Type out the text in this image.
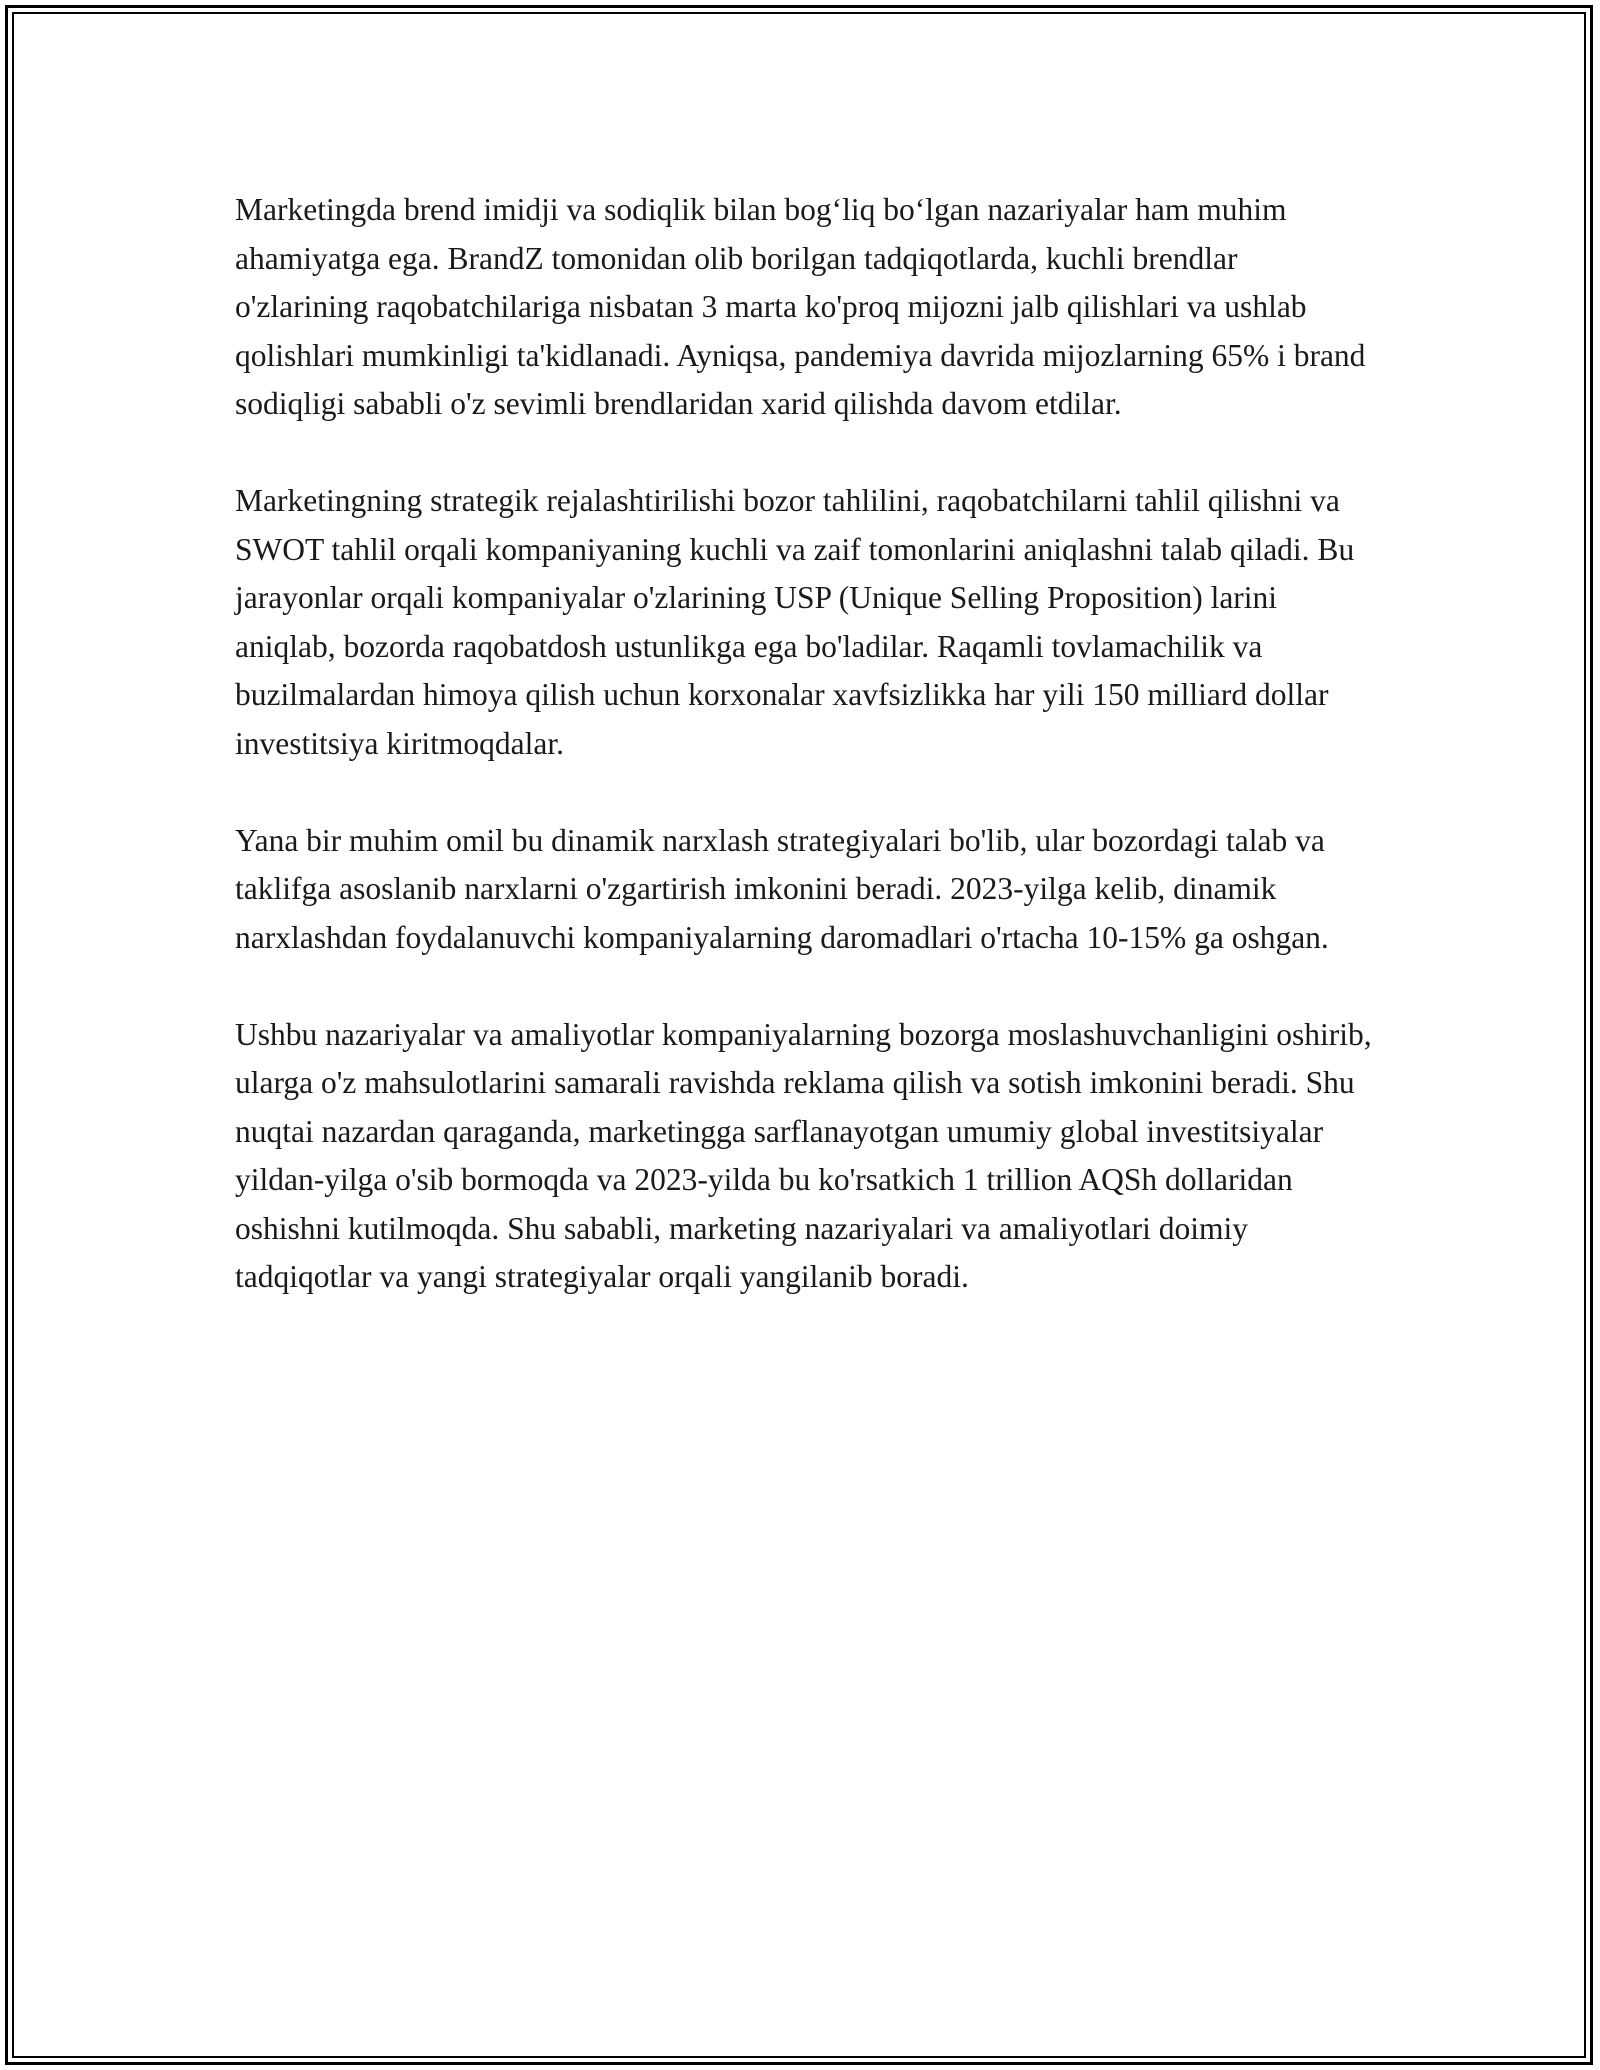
Marketingda brend imidji va sodiqlik bilan bog‘liq bo‘lgan nazariyalar ham muhim ahamiyatga ega. BrandZ tomonidan olib borilgan tadqiqotlarda, kuchli brendlar o'zlarining raqobatchilariga nisbatan 3 marta ko'proq mijozni jalb qilishlari va ushlab qolishlari mumkinligi ta'kidlanadi. Ayniqsa, pandemiya davrida mijozlarning 65% i brand sodiqligi sababli o'z sevimli brendlaridan xarid qilishda davom etdilar.

Marketingning strategik rejalashtirilishi bozor tahlilini, raqobatchilarni tahlil qilishni va SWOT tahlil orqali kompaniyaning kuchli va zaif tomonlarini aniqlashni talab qiladi. Bu jarayonlar orqali kompaniyalar o'zlarining USP (Unique Selling Proposition) larini aniqlab, bozorda raqobatdosh ustunlikga ega bo'ladilar. Raqamli tovlamachilik va buzilmalardan himoya qilish uchun korxonalar xavfsizlikka har yili 150 milliard dollar investitsiya kiritmoqdalar.

Yana bir muhim omil bu dinamik narxlash strategiyalari bo'lib, ular bozordagi talab va taklifga asoslanib narxlarni o'zgartirish imkonini beradi. 2023-yilga kelib, dinamik narxlashdan foydalanuvchi kompaniyalarning daromadlari o'rtacha 10-15% ga oshgan.

Ushbu nazariyalar va amaliyotlar kompaniyalarning bozorga moslashuvchanligini oshirib, ularga o'z mahsulotlarini samarali ravishda reklama qilish va sotish imkonini beradi. Shu nuqtai nazardan qaraganda, marketingga sarflanayotgan umumiy global investitsiyalar yildan-yilga o'sib bormoqda va 2023-yilda bu ko'rsatkich 1 trillion AQSh dollaridan oshishni kutilmoqda. Shu sababli, marketing nazariyalari va amaliyotlari doimiy tadqiqotlar va yangi strategiyalar orqali yangilanib boradi.
